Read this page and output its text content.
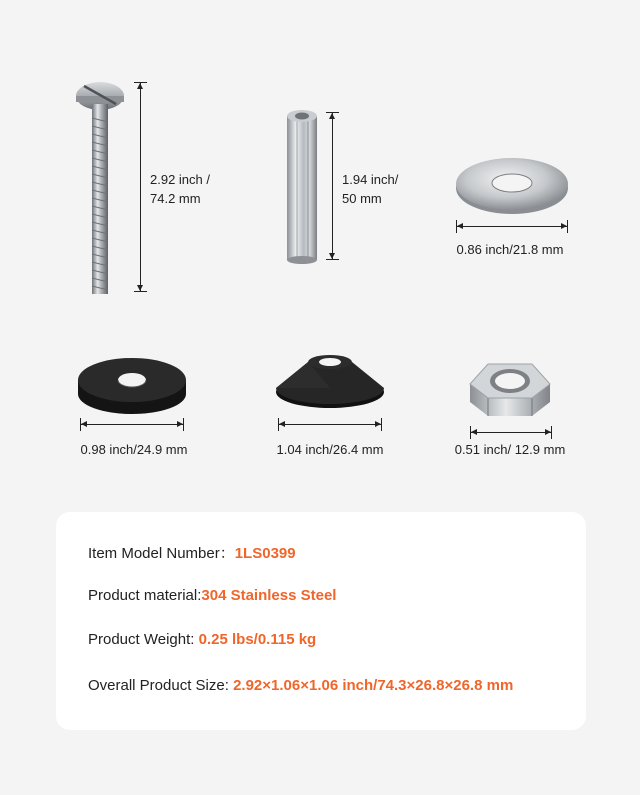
2.92 inch /
74.2 mm
1.94 inch/
50 mm
0.86 inch/21.8 mm
0.98 inch/24.9 mm	1.04 inch/26.4 mm	0.51 inch/ 12.9 mm
Item Model Number：1LS0399
Product material:304 Stainless Steel
Product Weight: 0.25 lbs/0.115 kg
Overall Product Size: 2.92×1.06×1.06 inch/74.3×26.8×26.8 mm
